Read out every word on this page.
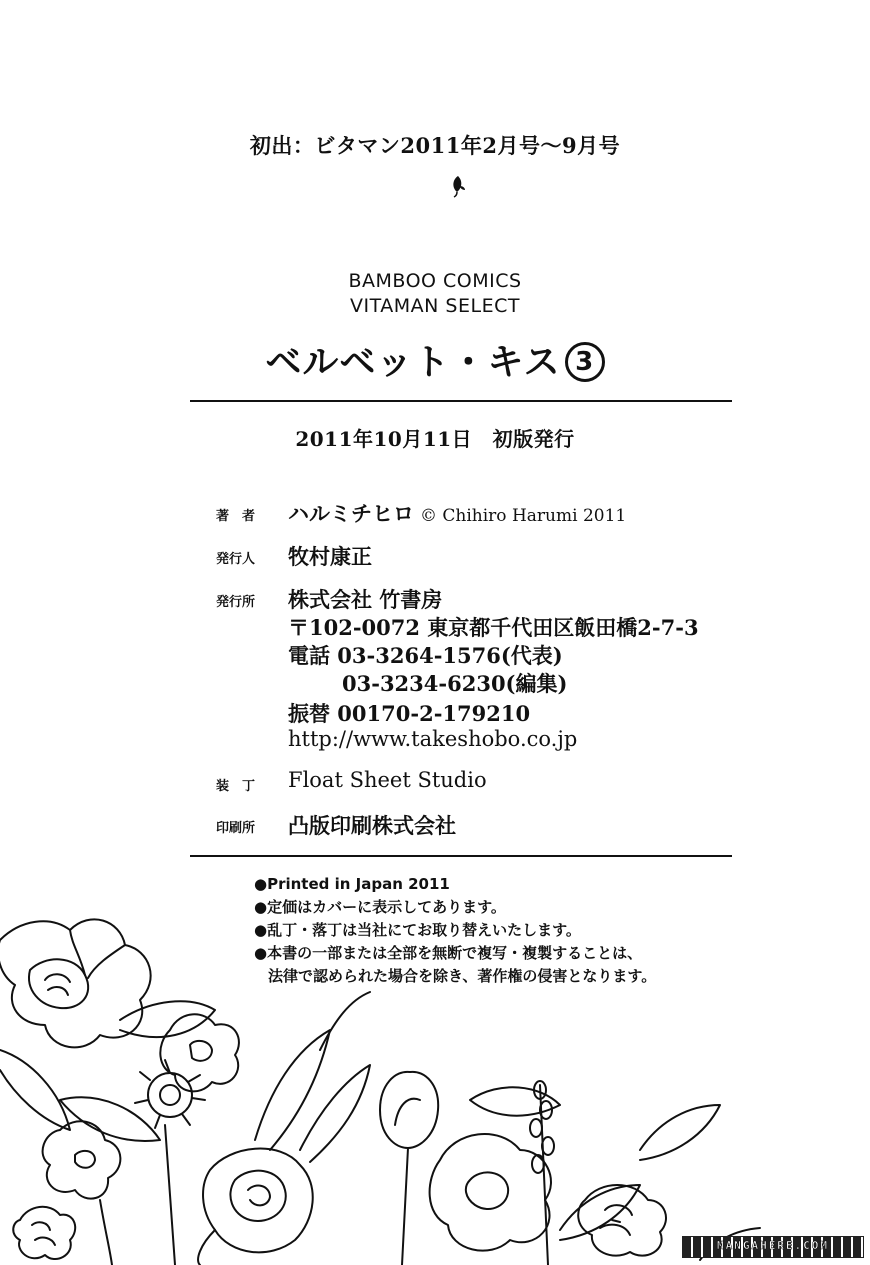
初出：ビタマン2011年2月号～9月号
BAMBOO COMICS
VITAMAN SELECT
ベルベット・キス 3
2011年10月11日　初版発行
著　者	ハルミチヒロ © Chihiro Harumi 2011
発行人	牧村康正
発行所	株式会社 竹書房
〒102-0072 東京都千代田区飯田橋2-7-3
電話 03-3264-1576(代表)
03-3234-6230(編集)
振替 00170-2-179210
http://www.takeshobo.co.jp
装　丁	Float Sheet Studio
印刷所	凸版印刷株式会社
●Printed in Japan 2011
●定価はカバーに表示してあります。
●乱丁・落丁は当社にてお取り替えいたします。
●本書の一部または全部を無断で複写・複製することは、
法律で認められた場合を除き、著作権の侵害となります。
MANGAHERE.COM
